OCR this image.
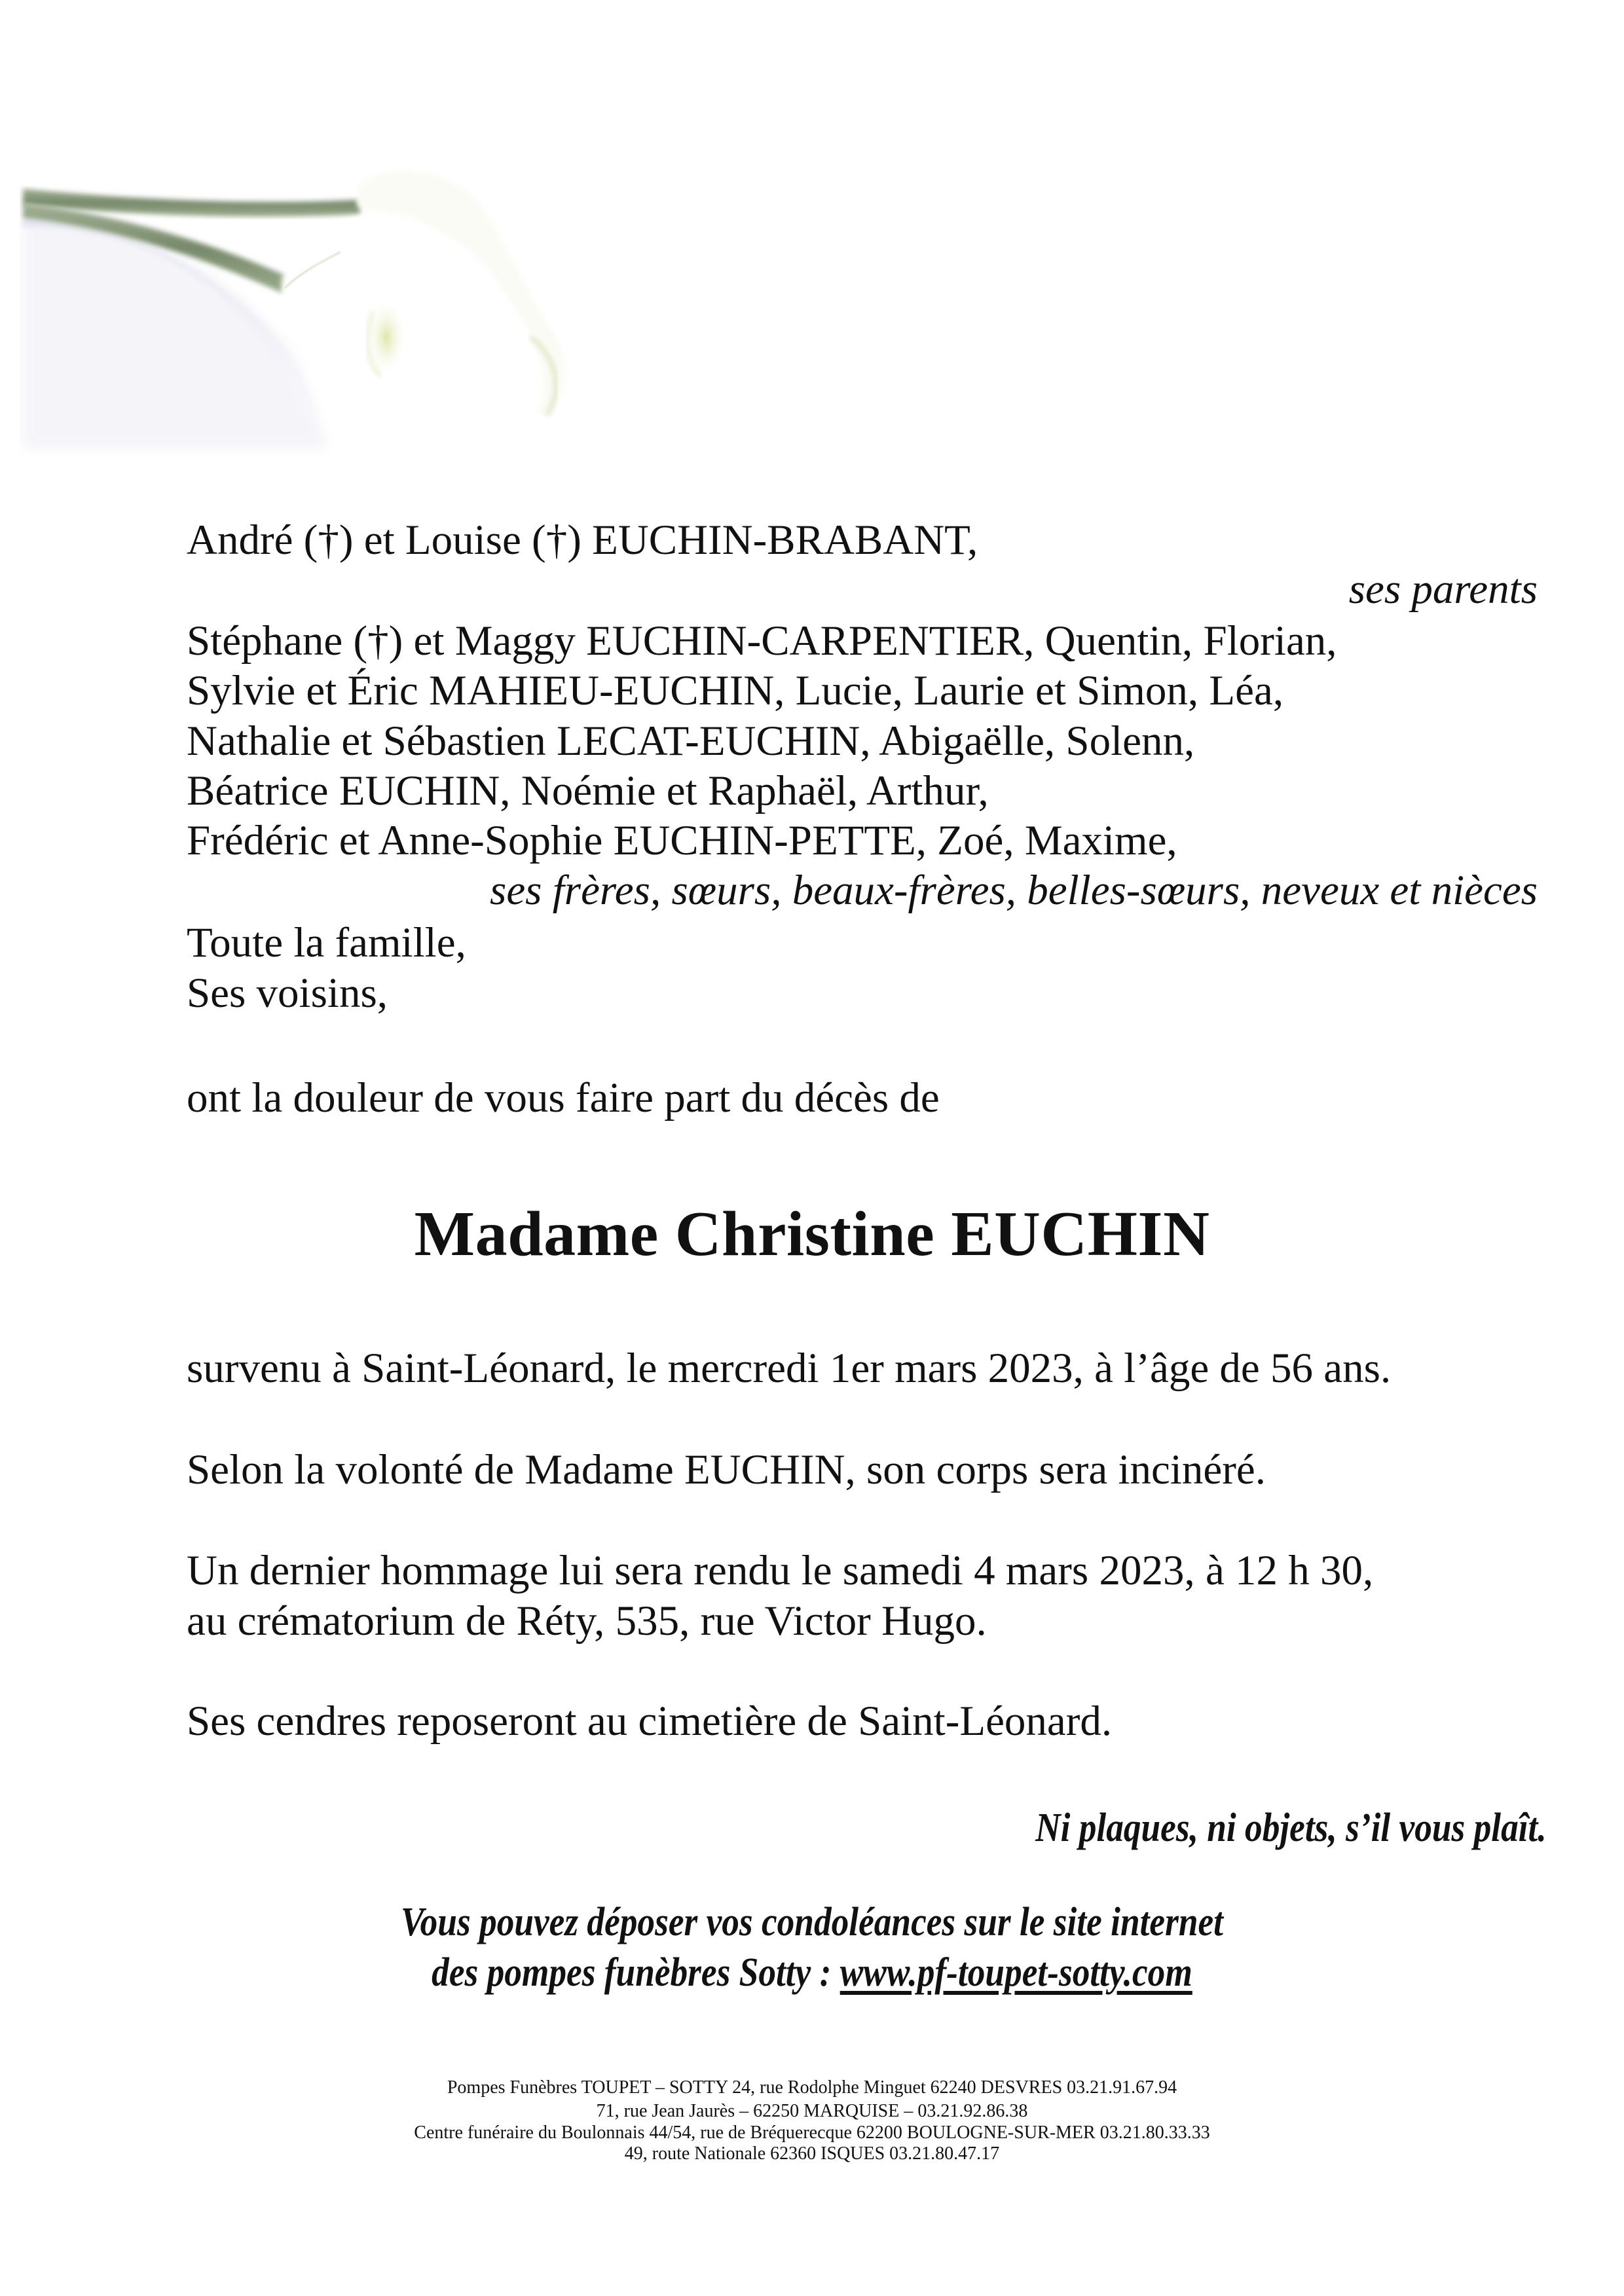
André (†) et Louise (†) EUCHIN-BRABANT,
ses parents
Stéphane (†) et Maggy EUCHIN-CARPENTIER, Quentin, Florian,
Sylvie et Éric MAHIEU-EUCHIN, Lucie, Laurie et Simon, Léa,
Nathalie et Sébastien LECAT-EUCHIN, Abigaëlle, Solenn,
Béatrice EUCHIN, Noémie et Raphaël, Arthur,
Frédéric et Anne-Sophie EUCHIN-PETTE, Zoé, Maxime,
ses frères, sœurs, beaux-frères, belles-sœurs, neveux et nièces
Toute la famille,
Ses voisins,
ont la douleur de vous faire part du décès de
Madame Christine EUCHIN
survenu à Saint-Léonard, le mercredi 1er mars 2023, à l’âge de 56 ans.
Selon la volonté de Madame EUCHIN, son corps sera incinéré.
Un dernier hommage lui sera rendu le samedi 4 mars 2023, à 12 h 30,
au crématorium de Réty, 535, rue Victor Hugo.
Ses cendres reposeront au cimetière de Saint-Léonard.
Ni plaques, ni objets, s’il vous plaît.
Vous pouvez déposer vos condoléances sur le site internet
des pompes funèbres Sotty : www.pf-toupet-sotty.com
Pompes Funèbres TOUPET – SOTTY 24, rue Rodolphe Minguet 62240 DESVRES 03.21.91.67.94
71, rue Jean Jaurès – 62250 MARQUISE – 03.21.92.86.38
Centre funéraire du Boulonnais 44/54, rue de Bréquerecque 62200 BOULOGNE-SUR-MER 03.21.80.33.33
49, route Nationale 62360 ISQUES 03.21.80.47.17
